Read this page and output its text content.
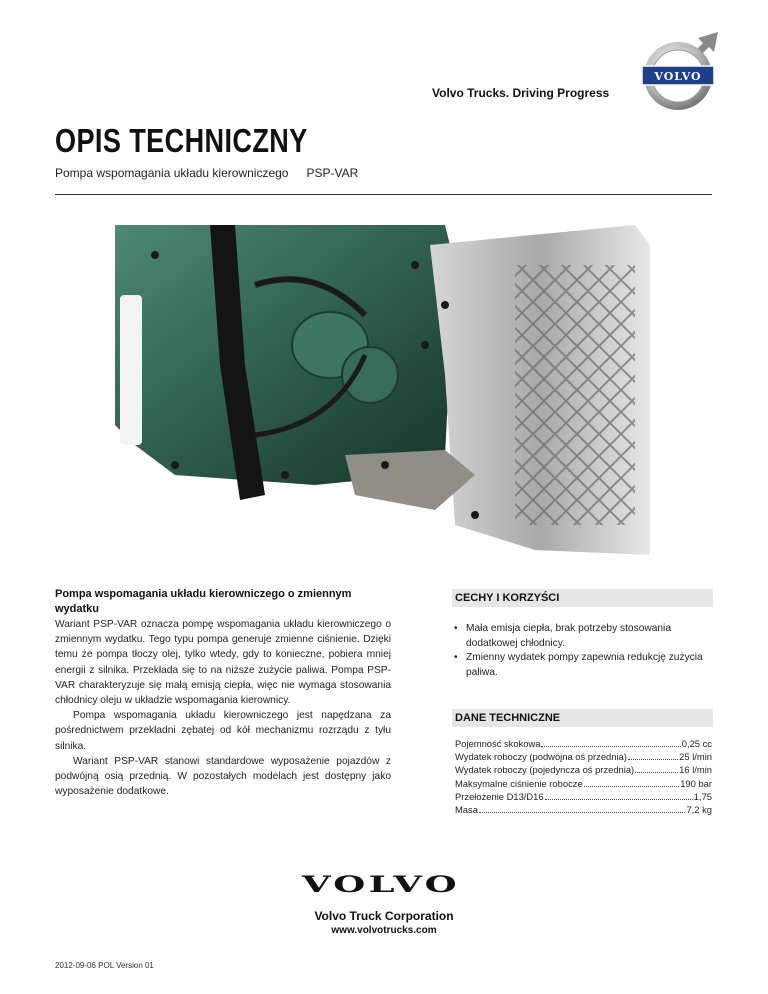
Volvo Trucks. Driving Progress
VOLVO
OPIS TECHNICZNY
Pompa wspomagania układu kierowniczego PSP-VAR
Pompa wspomagania układu kierowniczego o zmiennym wydatku

Wariant PSP-VAR oznacza pompę wspomagania układu kierowniczego o zmiennym wydatku. Tego typu pompa generuje zmienne ciśnienie. Dzięki temu że pompa tłoczy olej, tylko wtedy, gdy to konieczne, pobiera mniej energii z silnika. Przekłada się to na niższe zużycie paliwa. Pompa PSP-VAR charakteryzuje się małą emisją ciepła, więc nie wymaga stosowania chłodnicy oleju w układzie wspomagania kierownicy.

Pompa wspomagania układu kierowniczego jest napędzana za pośrednictwem przekładni zębatej od kół mechanizmu rozrządu z tyłu silnika.

Wariant PSP-VAR stanowi standardowe wyposażenie pojazdów z podwójną osią przednią. W pozostałych modelach jest dostępny jako wyposażenie dodatkowe.

CECHY I KORZYŚCI
• Mała emisja ciepła, brak potrzeby stosowania dodatkowej chłodnicy.
• Zmienny wydatek pompy zapewnia redukcję zużycia paliwa.
DANE TECHNICZNE
Pojemność skokowa	0,25 cc
Wydatek roboczy (podwójna oś przednia)	25 l/min
Wydatek roboczy (pojedyncza oś przednia)	16 l/min
Maksymalne ciśnienie robocze	190 bar
Przełożenie D13/D16	1,75
Masa	7,2 kg
VOLVO
Volvo Truck Corporation
www.volvotrucks.com
2012-09-06 POL Version 01
